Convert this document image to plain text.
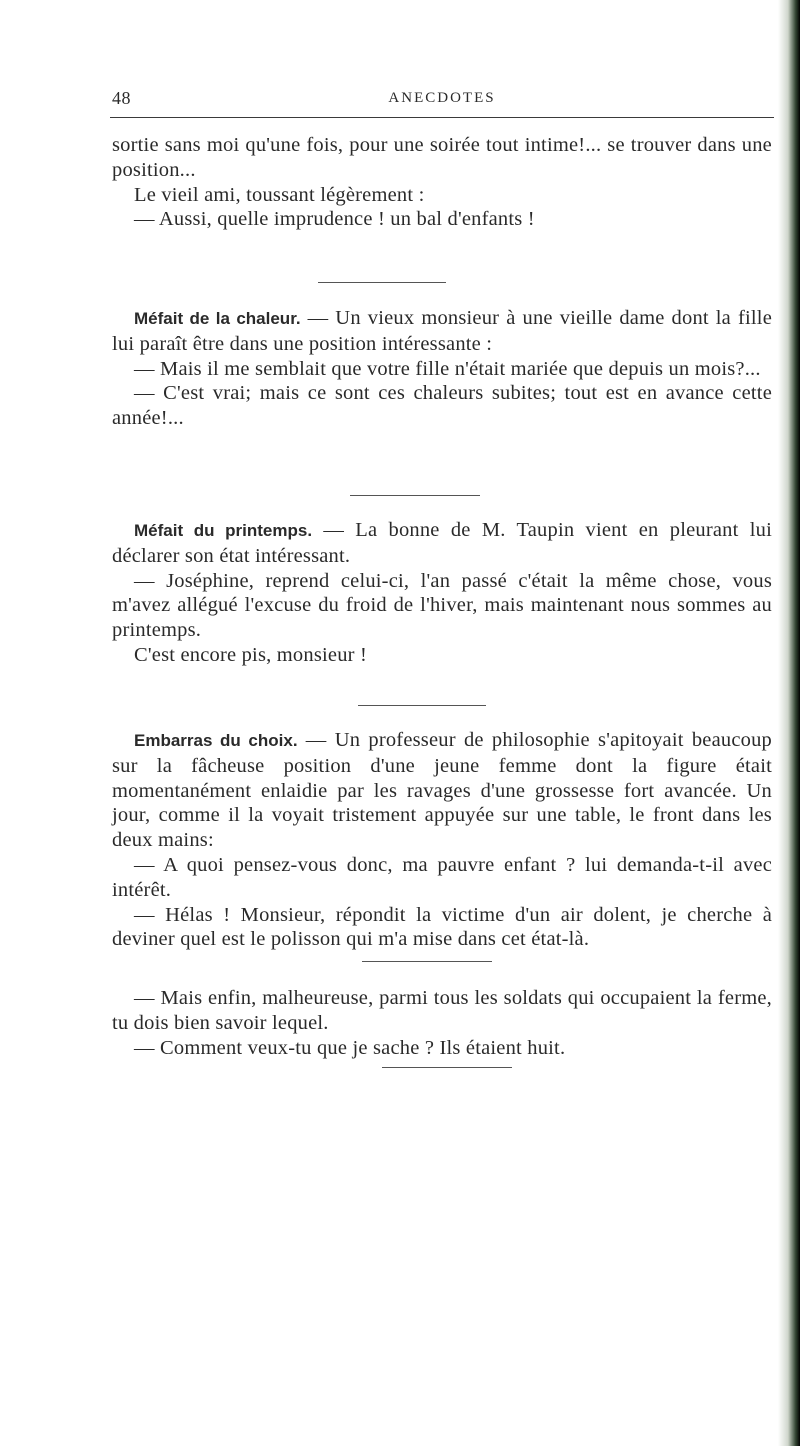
48	ANECDOTES

sortie sans moi qu'une fois, pour une soirée tout intime!... se trouver dans une position...

Le vieil ami, toussant légèrement :

— Aussi, quelle imprudence ! un bal d'enfants !

Méfait de la chaleur. — Un vieux monsieur à une vieille dame dont la fille lui paraît être dans une position intéressante :

— Mais il me semblait que votre fille n'était mariée que depuis un mois?...

— C'est vrai; mais ce sont ces chaleurs subites; tout est en avance cette année!...

Méfait du printemps. — La bonne de M. Taupin vient en pleurant lui déclarer son état intéressant.

— Joséphine, reprend celui-ci, l'an passé c'était la même chose, vous m'avez allégué l'excuse du froid de l'hiver, mais maintenant nous sommes au printemps.

C'est encore pis, monsieur !

Embarras du choix. — Un professeur de philosophie s'apitoyait beaucoup sur la fâcheuse position d'une jeune femme dont la figure était momentanément enlaidie par les ravages d'une grossesse fort avancée. Un jour, comme il la voyait tristement appuyée sur une table, le front dans les deux mains:

— A quoi pensez-vous donc, ma pauvre enfant ? lui demanda-t-il avec intérêt.

— Hélas ! Monsieur, répondit la victime d'un air dolent, je cherche à deviner quel est le polisson qui m'a mise dans cet état-là.

— Mais enfin, malheureuse, parmi tous les soldats qui occupaient la ferme, tu dois bien savoir lequel.

— Comment veux-tu que je sache ? Ils étaient huit.
